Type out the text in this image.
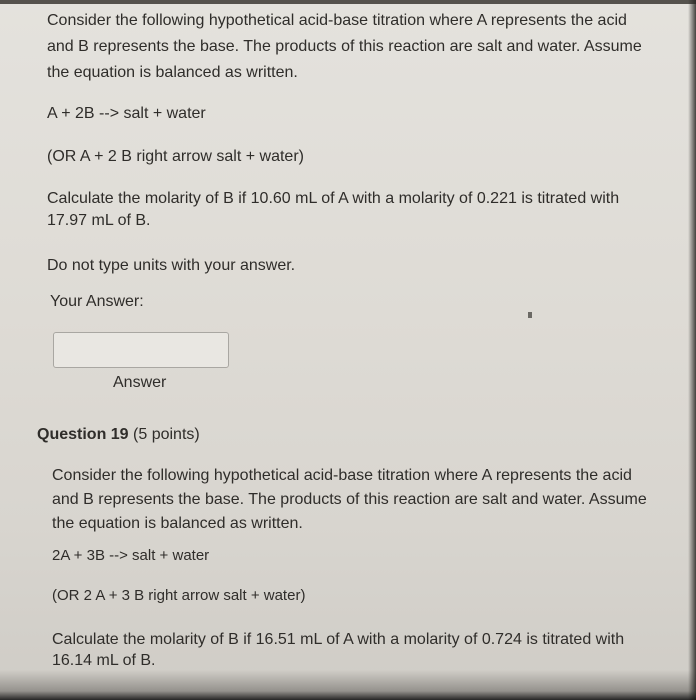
Consider the following hypothetical acid-base titration where A represents the acid
and B represents the base. The products of this reaction are salt and water. Assume
the equation is balanced as written.
A + 2B --> salt + water
(OR A + 2 B right arrow salt + water)
Calculate the molarity of B if 10.60 mL of A with a molarity of 0.221 is titrated with
17.97 mL of B.
Do not type units with your answer.
Your Answer:
Answer
Question 19 (5 points)
Consider the following hypothetical acid-base titration where A represents the acid
and B represents the base. The products of this reaction are salt and water. Assume
the equation is balanced as written.
2A + 3B --> salt + water
(OR 2 A + 3 B right arrow salt + water)
Calculate the molarity of B if 16.51 mL of A with a molarity of 0.724 is titrated with
16.14 mL of B.
